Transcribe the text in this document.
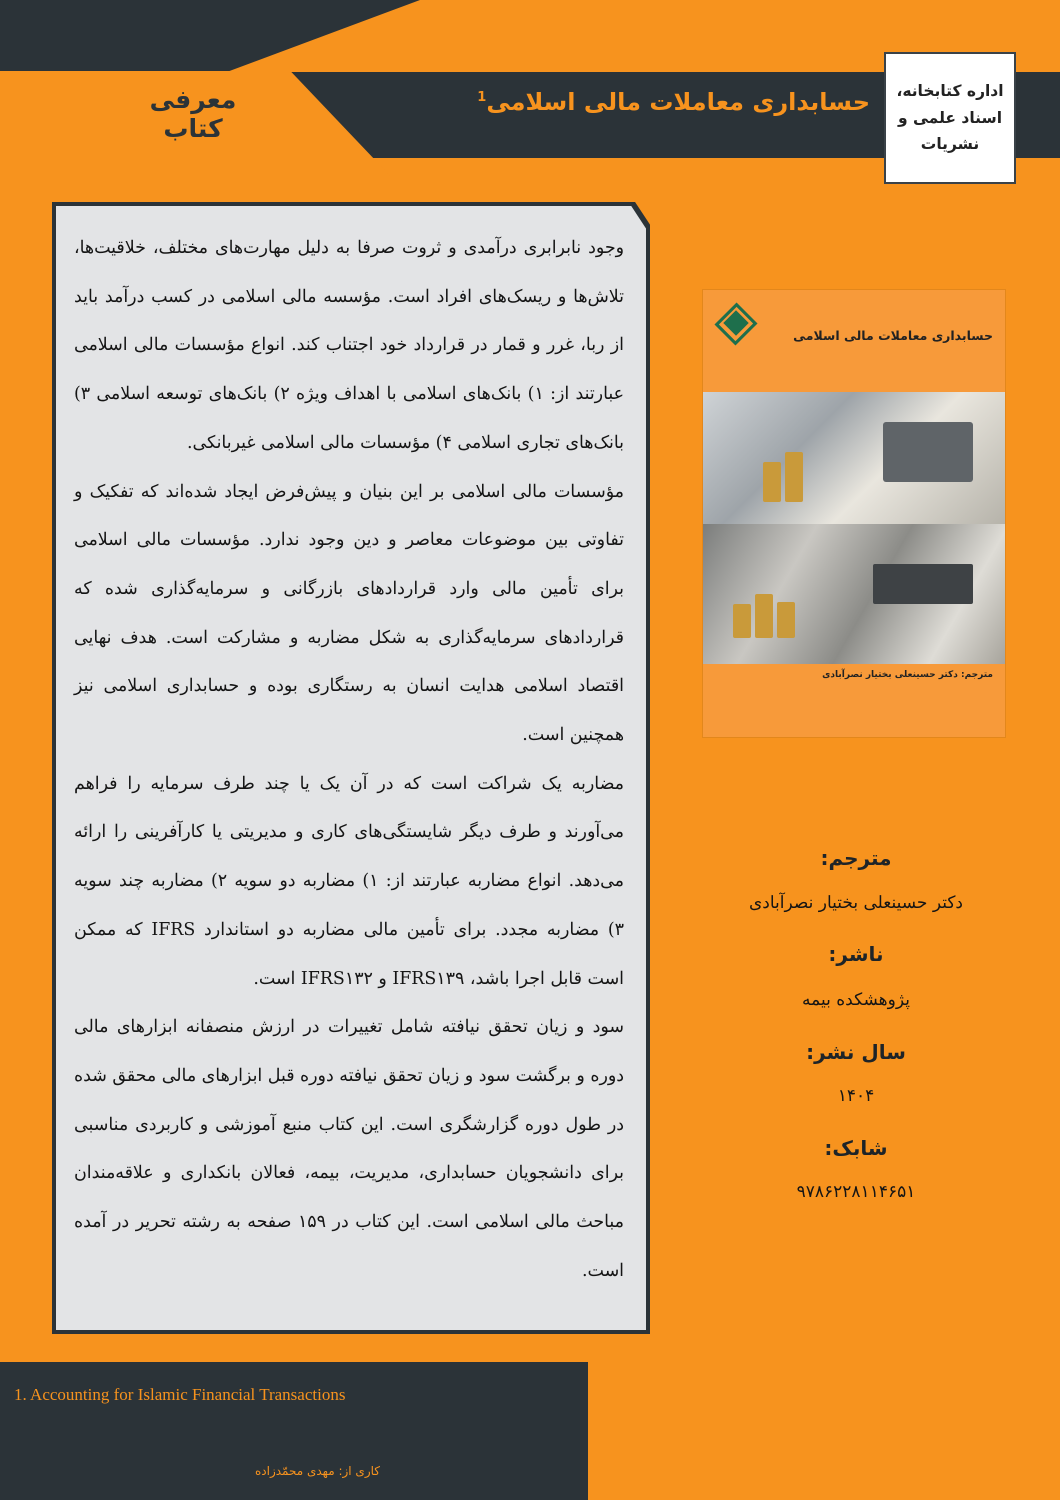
معرفی کتاب
حسابداری معاملات مالی اسلامی$^1$	اداره کتابخانه،
اسناد علمی و
نشریات

وجود نابرابری درآمدی و ثروت صرفا به دلیل مهارت‌های مختلف، خلاقیت‌ها، تلاش‌ها و ریسک‌های افراد است. مؤسسه مالی اسلامی در کسب درآمد باید از ربا، غرر و قمار در قرارداد خود اجتناب کند. انواع مؤسسات مالی اسلامی عبارتند از: ۱) بانک‌های اسلامی با اهداف ویژه ۲) بانک‌های توسعه اسلامی ۳) بانک‌های تجاری اسلامی ۴) مؤسسات مالی اسلامی غیربانکی.

مؤسسات مالی اسلامی بر این بنیان و پیش‌فرض ایجاد شده‌اند که تفکیک و تفاوتی بین موضوعات معاصر و دین وجود ندارد. مؤسسات مالی اسلامی برای تأمین مالی وارد قراردادهای بازرگانی و سرمایه‌گذاری شده که قراردادهای سرمایه‌گذاری به شکل مضاربه و مشارکت است. هدف نهایی اقتصاد اسلامی هدایت انسان به رستگاری بوده و حسابداری اسلامی نیز همچنین است.

مضاربه یک شراکت است که در آن یک یا چند طرف سرمایه را فراهم می‌آورند و طرف دیگر شایستگی‌های کاری و مدیریتی یا کارآفرینی را ارائه می‌دهد. انواع مضاربه عبارتند از: ۱) مضاربه دو سویه ۲) مضاربه چند سویه ۳) مضاربه مجدد. برای تأمین مالی مضاربه دو استاندارد IFRS که ممکن است قابل اجرا باشد، IFRS۱۳۹ و IFRS۱۳۲ است.

سود و زیان تحقق نیافته شامل تغییرات در ارزش منصفانه ابزارهای مالی دوره و برگشت سود و زیان تحقق نیافته دوره قبل ابزارهای مالی محقق شده در طول دوره گزارشگری است. این کتاب منبع آموزشی و کاربردی مناسبی برای دانشجویان حسابداری، مدیریت، بیمه، فعالان بانکداری و علاقه‌مندان مباحث مالی اسلامی است. این کتاب در ۱۵۹ صفحه به رشته تحریر در آمده است.

حسابداری معاملات مالی اسلامی
مترجم: دکتر حسینعلی بختیار نصرآبادی
مترجم:
دکتر حسینعلی بختیار نصرآبادی
ناشر:
پژوهشکده بیمه
سال نشر:
۱۴۰۴
شابک:
۹۷۸۶۲۲۸۱۱۴۶۵۱
1. Accounting for Islamic Financial Transactions
کاری از: مهدی محمّدزاده
